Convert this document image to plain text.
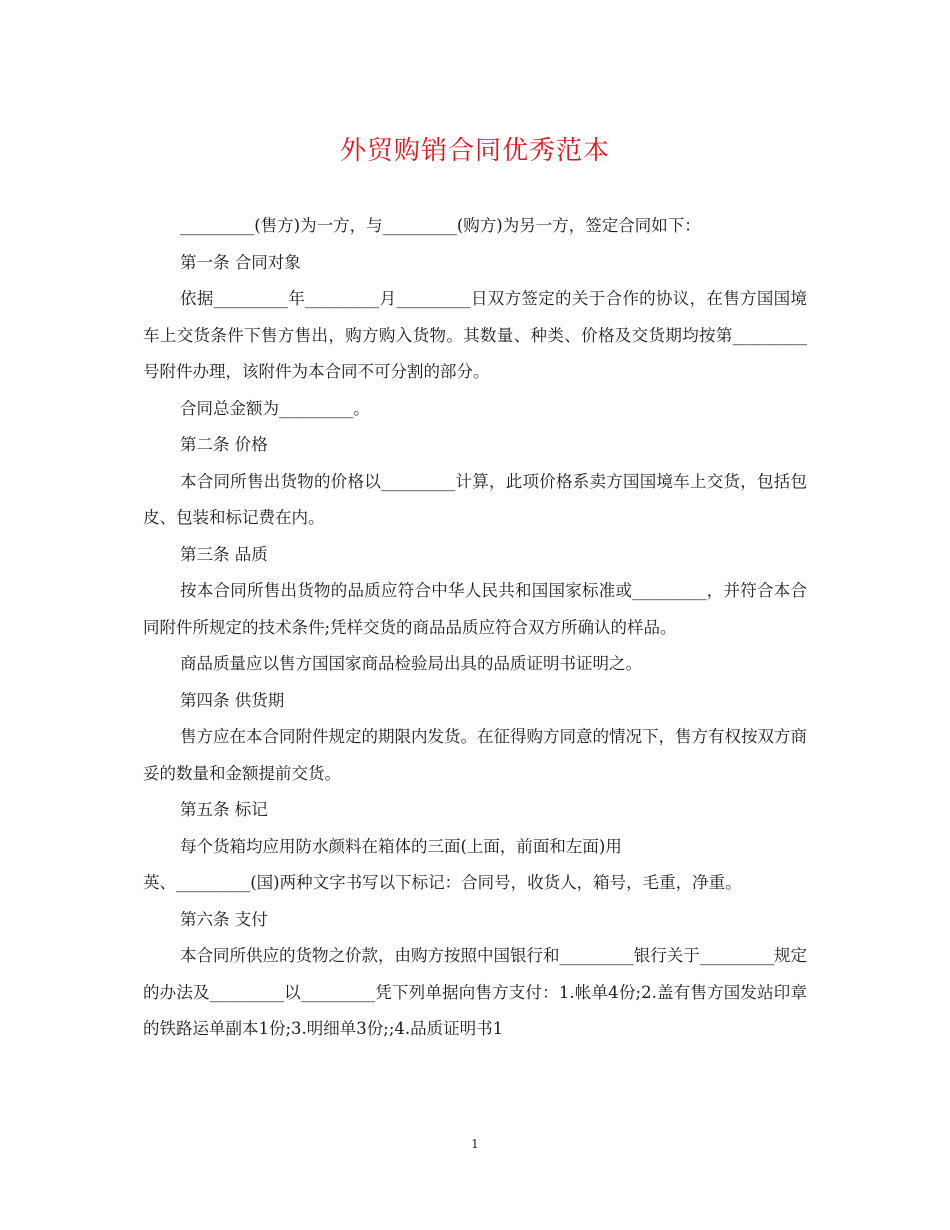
外贸购销合同优秀范本

_________(售方)为一方，与_________(购方)为另一方，签定合同如下：

第一条 合同对象

依据_________年_________月_________日双方签定的关于合作的协议，在售方国国境车上交货条件下售方售出，购方购入货物。其数量、种类、价格及交货期均按第_________号附件办理，该附件为本合同不可分割的部分。

合同总金额为_________。

第二条 价格

本合同所售出货物的价格以_________计算，此项价格系卖方国国境车上交货，包括包皮、包装和标记费在内。

第三条 品质

按本合同所售出货物的品质应符合中华人民共和国国家标准或_________，并符合本合同附件所规定的技术条件;凭样交货的商品品质应符合双方所确认的样品。

商品质量应以售方国国家商品检验局出具的品质证明书证明之。

第四条 供货期

售方应在本合同附件规定的期限内发货。在征得购方同意的情况下，售方有权按双方商妥的数量和金额提前交货。

第五条 标记

每个货箱均应用防水颜料在箱体的三面(上面，前面和左面)用

英、_________(国)两种文字书写以下标记：合同号，收货人，箱号，毛重，净重。

第六条 支付

本合同所供应的货物之价款，由购方按照中国银行和_________银行关于_________规定的办法及_________以_________凭下列单据向售方支付：1.帐单4份;2.盖有售方国发站印章的铁路运单副本1份;3.明细单3份;;4.品质证明书1

1
